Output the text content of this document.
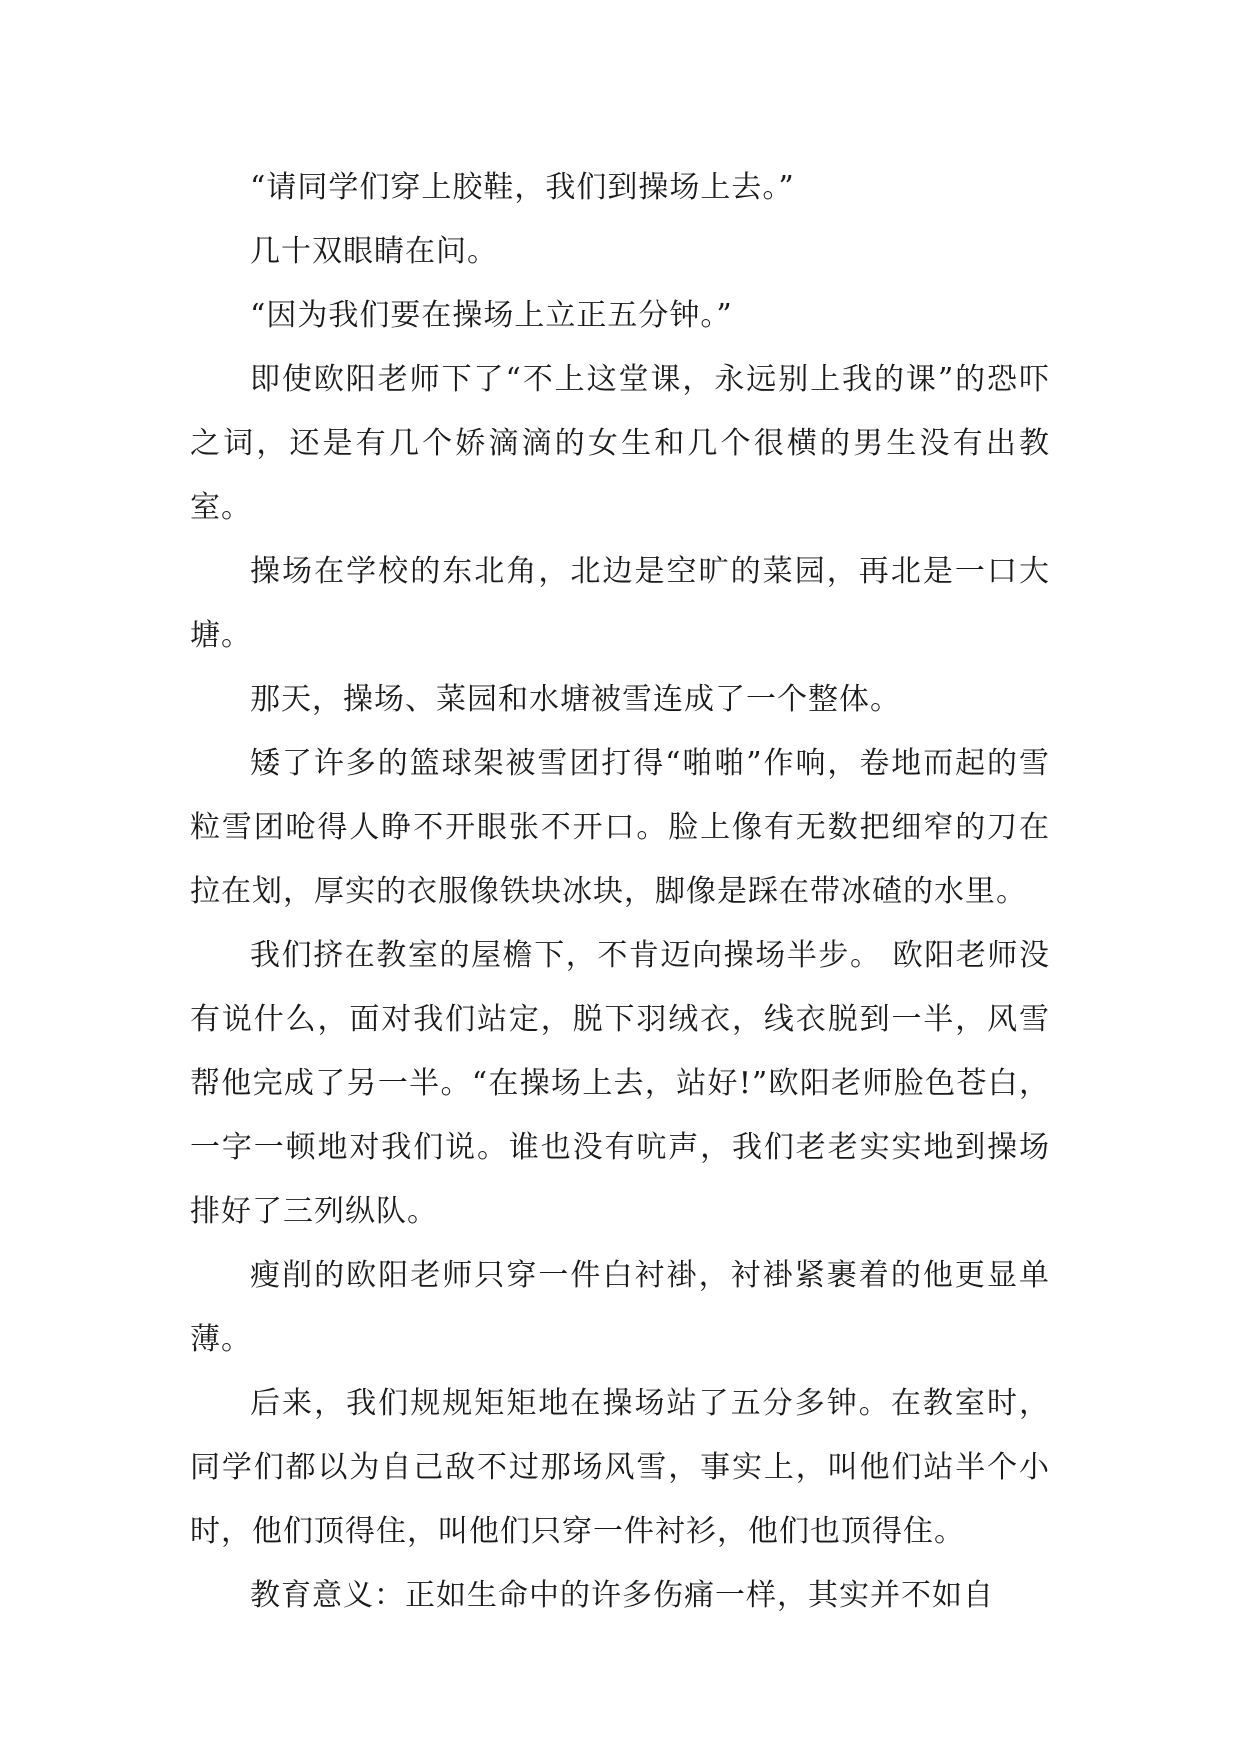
“请同学们穿上胶鞋，我们到操场上去。”

几十双眼睛在问。

“因为我们要在操场上立正五分钟。”

即使欧阳老师下了“不上这堂课，永远别上我的课”的恐吓之词，还是有几个娇滴滴的女生和几个很横的男生没有出教室。

操场在学校的东北角，北边是空旷的菜园，再北是一口大塘。

那天，操场、菜园和水塘被雪连成了一个整体。

矮了许多的篮球架被雪团打得“啪啪”作响，卷地而起的雪粒雪团呛得人睁不开眼张不开口。脸上像有无数把细窄的刀在拉在划，厚实的衣服像铁块冰块，脚像是踩在带冰碴的水里。

我们挤在教室的屋檐下，不肯迈向操场半步。 欧阳老师没有说什么，面对我们站定，脱下羽绒衣，线衣脱到一半，风雪帮他完成了另一半。“在操场上去，站好!”欧阳老师脸色苍白，一字一顿地对我们说。谁也没有吭声，我们老老实实地到操场排好了三列纵队。

瘦削的欧阳老师只穿一件白衬褂，衬褂紧裹着的他更显单薄。

后来，我们规规矩矩地在操场站了五分多钟。在教室时，同学们都以为自己敌不过那场风雪，事实上，叫他们站半个小时，他们顶得住，叫他们只穿一件衬衫，他们也顶得住。

教育意义：正如生命中的许多伤痛一样，其实并不如自
